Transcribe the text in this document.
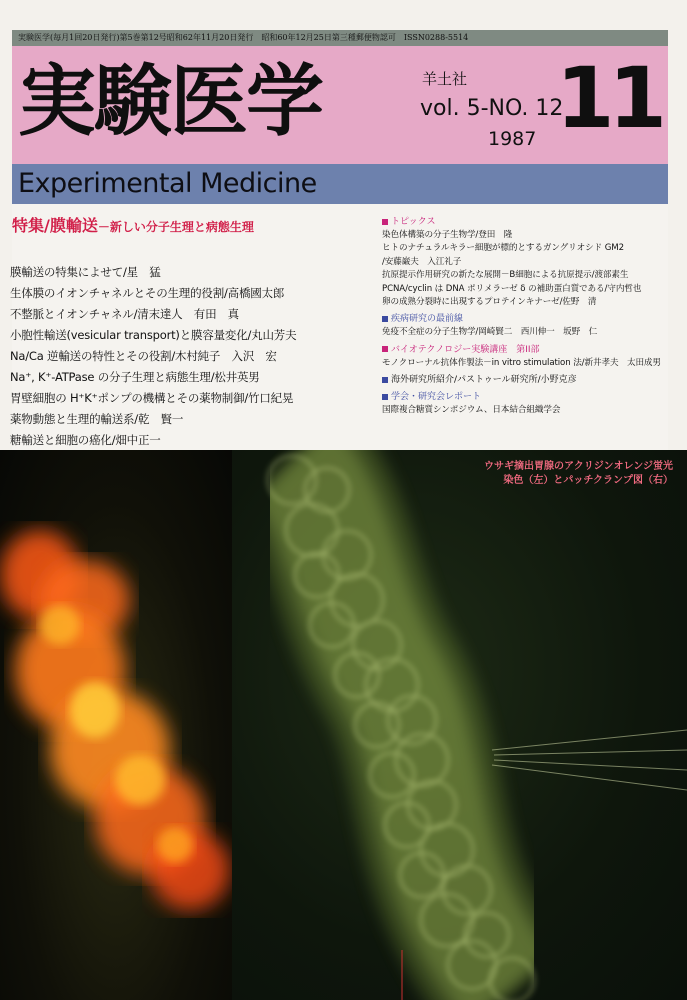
実験医学(毎月1回20日発行)第5巻第12号昭和62年11月20日発行　昭和60年12月25日第三種郵便物認可　ISSN0288-5514
実験医学	羊土社
vol. 5-NO. 12
1987 11
Experimental Medicine
特集/膜輸送－新しい分子生理と病態生理
膜輸送の特集によせて/星　猛
生体膜のイオンチャネルとその生理的役割/高橋國太郎
不整脈とイオンチャネル/清末達人　有田　真
小胞性輸送(vesicular transport)と膜容量変化/丸山芳夫
Na/Ca 逆輸送の特性とその役割/木村純子　入沢　宏
Na⁺, K⁺-ATPase の分子生理と病態生理/松井英男
胃壁細胞の H⁺K⁺ポンプの機構とその薬物制御/竹口紀晃
薬物動態と生理的輸送系/乾　賢一
糖輸送と細胞の癌化/畑中正一
トピックス
染色体構築の分子生物学/登田　隆
ヒトのナチュラルキラー細胞が標的とするガングリオシド GM2
/安藤巌夫　入江礼子
抗原提示作用研究の新たな展開－B細胞による抗原提示/渡部素生
PCNA/cyclin は DNA ポリメラーゼ δ の補助蛋白質である/守内哲也
卵の成熟分裂時に出現するプロテインキナーゼ/佐野　清
疾病研究の最前線
免疫不全症の分子生物学/岡崎賢二　西川伸一　坂野　仁
バイオテクノロジー実験講座　第II部
モノクローナル抗体作製法－in vitro stimulation 法/新井孝夫　太田成男
海外研究所紹介/パストゥール研究所/小野克彦
学会・研究会レポート
国際複合糖質シンポジウム、日本結合組織学会
ウサギ摘出胃腺のアクリジンオレンジ蛍光
染色（左）とパッチクランプ図（右）
